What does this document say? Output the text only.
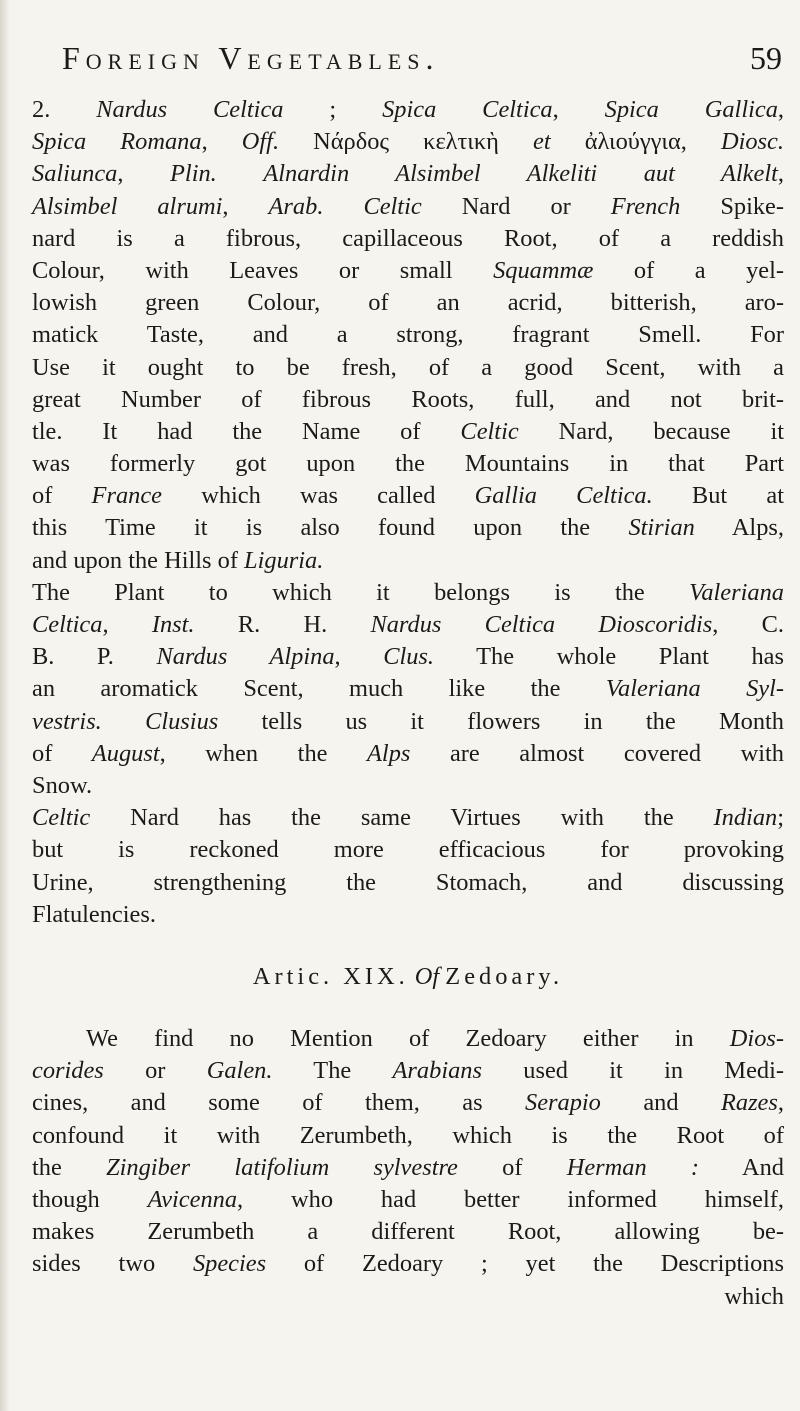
Foreign Vegetables.	59
2. Nardus Celtica ; Spica Celtica, Spica Gallica,
Spica Romana, Off. Νάρδος κελτικὴ et ἀλιούγγια, Diosc.
Saliunca, Plin. Alnardin Alsimbel Alkeliti aut Alkelt,
Alsimbel alrumi, Arab. Celtic Nard or French Spike-
nard is a fibrous, capillaceous Root, of a reddish
Colour, with Leaves or small Squammæ of a yel-
lowish green Colour, of an acrid, bitterish, aro-
matick Taste, and a strong, fragrant Smell. For
Use it ought to be fresh, of a good Scent, with a
great Number of fibrous Roots, full, and not brit-
tle. It had the Name of Celtic Nard, because it
was formerly got upon the Mountains in that Part
of France which was called Gallia Celtica. But at
this Time it is also found upon the Stirian Alps,
and upon the Hills of Liguria.
The Plant to which it belongs is the Valeriana
Celtica, Inst. R. H. Nardus Celtica Dioscoridis, C.
B. P. Nardus Alpina, Clus. The whole Plant has
an aromatick Scent, much like the Valeriana Syl-
vestris. Clusius tells us it flowers in the Month
of August, when the Alps are almost covered with
Snow.
Celtic Nard has the same Virtues with the Indian;
but is reckoned more efficacious for provoking
Urine, strengthening the Stomach, and discussing
Flatulencies.
Artic. XIX. Of Zedoary.
We find no Mention of Zedoary either in Dios-
corides or Galen. The Arabians used it in Medi-
cines, and some of them, as Serapio and Razes,
confound it with Zerumbeth, which is the Root of
the Zingiber latifolium sylvestre of Herman : And
though Avicenna, who had better informed himself,
makes Zerumbeth a different Root, allowing be-
sides two Species of Zedoary ; yet the Descriptions
which
